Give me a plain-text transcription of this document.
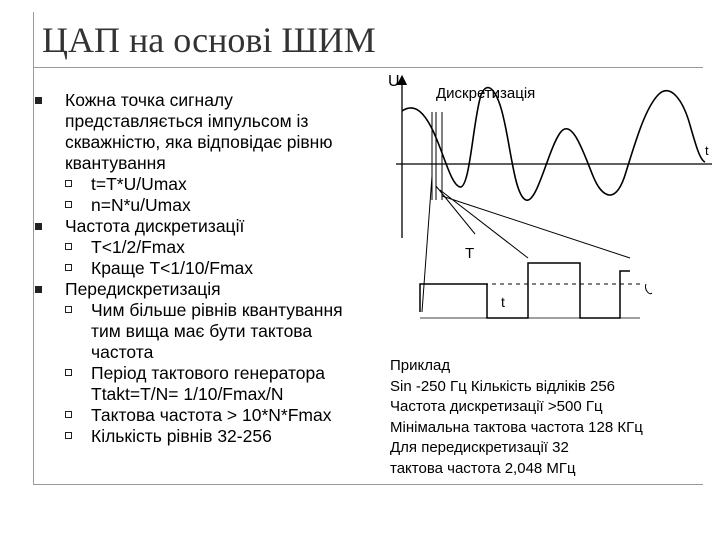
ЦАП на основі ШИМ
Кожна точка сигналу представляється імпульсом із скважністю, яка відповідає рівню квантування
t=T*U/Umax
n=N*u/Umax
Частота дискретизації
T<1/2/Fmax
Краще T<1/10/Fmax
Передискретизація
Чим більше рівнів квантування тим вища має бути тактова частота
Період тактового генератора Ttakt=T/N= 1/10/Fmax/N
Тактова частота > 10*N*Fmax
Кількість рівнів 32-256
U
t
Дискретизація
T
t
Приклад
Sin -250 Гц Кількість відліків 256
Частота дискретизації >500 Гц
Мінімальна тактова частота 128 КГц
Для передискретизації 32
тактова частота 2,048 МГц
